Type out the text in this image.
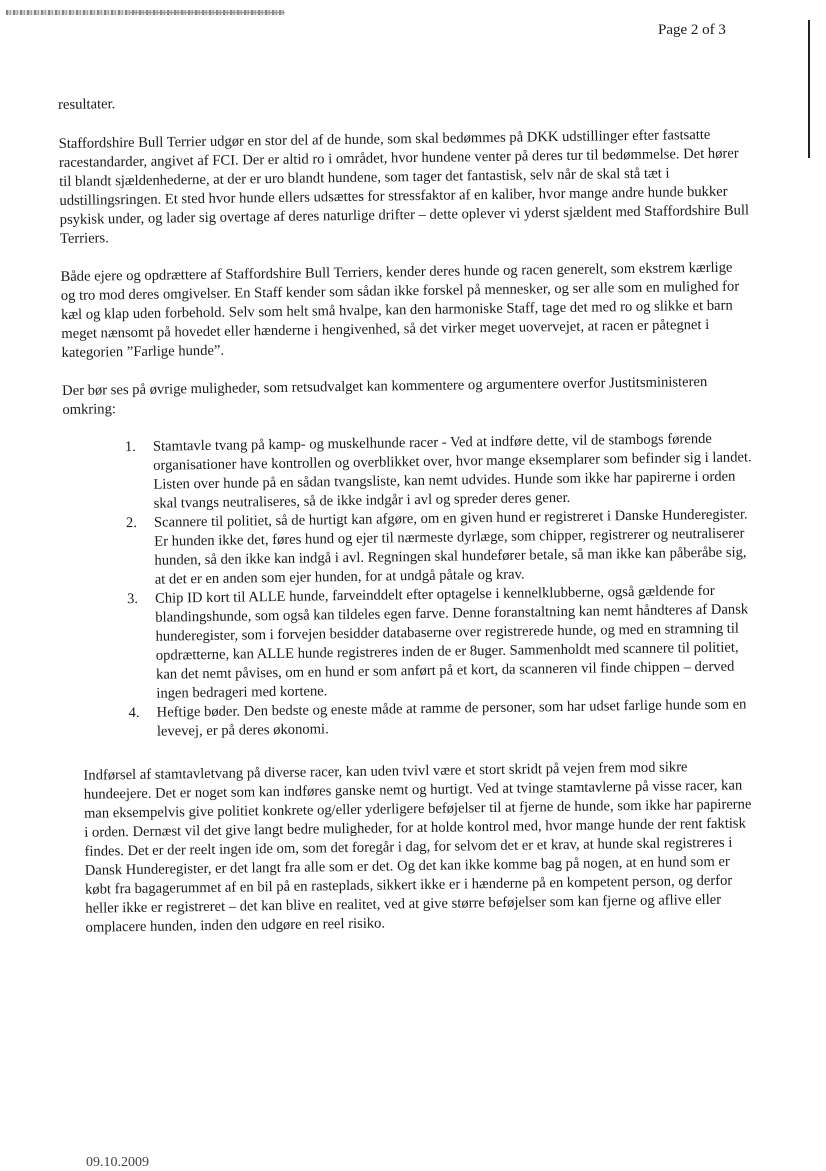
Page 2 of 3

resultater.

Staffordshire Bull Terrier udgør en stor del af de hunde, som skal bedømmes på DKK udstillinger efter fastsatte racestandarder, angivet af FCI. Der er altid ro i området, hvor hundene venter på deres tur til bedømmelse. Det hører til blandt sjældenhederne, at der er uro blandt hundene, som tager det fantastisk, selv når de skal stå tæt i udstillingsringen. Et sted hvor hunde ellers udsættes for stressfaktor af en kaliber, hvor mange andre hunde bukker psykisk under, og lader sig overtage af deres naturlige drifter – dette oplever vi yderst sjældent med Staffordshire Bull Terriers.

Både ejere og opdrættere af Staffordshire Bull Terriers, kender deres hunde og racen generelt, som ekstrem kærlige og tro mod deres omgivelser. En Staff kender som sådan ikke forskel på mennesker, og ser alle som en mulighed for kæl og klap uden forbehold. Selv som helt små hvalpe, kan den harmoniske Staff, tage det med ro og slikke et barn meget nænsomt på hovedet eller hænderne i hengivenhed, så det virker meget uovervejet, at racen er påtegnet i kategorien ”Farlige hunde”.

Der bør ses på øvrige muligheder, som retsudvalget kan kommentere og argumentere overfor Justitsministeren omkring:

1. Stamtavle tvang på kamp- og muskelhunde racer - Ved at indføre dette, vil de stambogs førende organisationer have kontrollen og overblikket over, hvor mange eksemplarer som befinder sig i landet. Listen over hunde på en sådan tvangsliste, kan nemt udvides. Hunde som ikke har papirerne i orden skal tvangs neutraliseres, så de ikke indgår i avl og spreder deres gener.
2. Scannere til politiet, så de hurtigt kan afgøre, om en given hund er registreret i Danske Hunderegister. Er hunden ikke det, føres hund og ejer til nærmeste dyrlæge, som chipper, registrerer og neutraliserer hunden, så den ikke kan indgå i avl. Regningen skal hundefører betale, så man ikke kan påberåbe sig, at det er en anden som ejer hunden, for at undgå påtale og krav.
3. Chip ID kort til ALLE hunde, farveinddelt efter optagelse i kennelklubberne, også gældende for blandingshunde, som også kan tildeles egen farve. Denne foranstaltning kan nemt håndteres af Dansk hunderegister, som i forvejen besidder databaserne over registrerede hunde, og med en stramning til opdrætterne, kan ALLE hunde registreres inden de er 8uger. Sammenholdt med scannere til politiet, kan det nemt påvises, om en hund er som anført på et kort, da scanneren vil finde chippen – derved ingen bedrageri med kortene.
4. Heftige bøder. Den bedste og eneste måde at ramme de personer, som har udset farlige hunde som en levevej, er på deres økonomi.

Indførsel af stamtavletvang på diverse racer, kan uden tvivl være et stort skridt på vejen frem mod sikre hundeejere. Det er noget som kan indføres ganske nemt og hurtigt. Ved at tvinge stamtavlerne på visse racer, kan man eksempelvis give politiet konkrete og/eller yderligere beføjelser til at fjerne de hunde, som ikke har papirerne i orden. Dernæst vil det give langt bedre muligheder, for at holde kontrol med, hvor mange hunde der rent faktisk findes. Det er der reelt ingen ide om, som det foregår i dag, for selvom det er et krav, at hunde skal registreres i Dansk Hunderegister, er det langt fra alle som er det. Og det kan ikke komme bag på nogen, at en hund som er købt fra bagagerummet af en bil på en rasteplads, sikkert ikke er i hænderne på en kompetent person, og derfor heller ikke er registreret – det kan blive en realitet, ved at give større beføjelser som kan fjerne og aflive eller omplacere hunden, inden den udgøre en reel risiko.

09.10.2009
